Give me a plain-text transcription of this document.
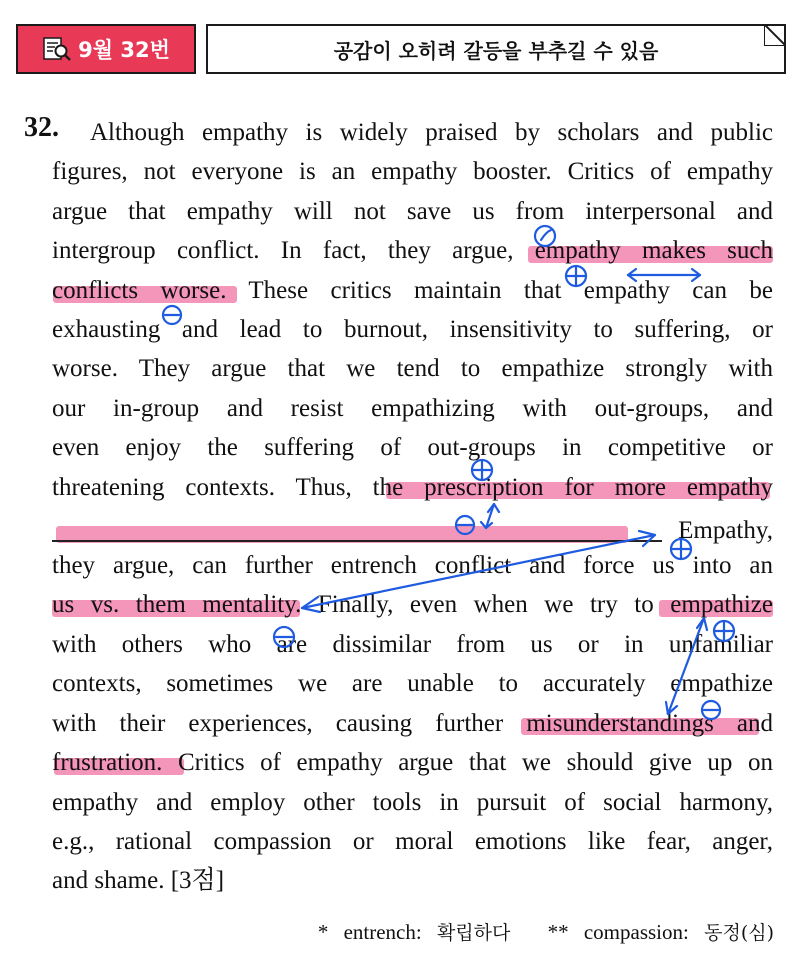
9월 32번	공감이 오히려 갈등을 부추길 수 있음
32. Although empathy is widely praised by scholars and public
figures, not everyone is an empathy booster. Critics of empathy
argue that empathy will not save us from interpersonal and
intergroup conflict. In fact, they argue, empathy makes such
conflicts worse. These critics maintain that empathy can be
exhausting and lead to burnout, insensitivity to suffering, or
worse. They argue that we tend to empathize strongly with
our in-group and resist empathizing with out-groups, and
even enjoy the suffering of out-groups in competitive or
threatening contexts. Thus, the prescription for more empathy
Empathy,
they argue, can further entrench conflict and force us into an
us vs. them mentality. Finally, even when we try to empathize
with others who are dissimilar from us or in unfamiliar
contexts, sometimes we are unable to accurately empathize
with their experiences, causing further misunderstandings and
frustration. Critics of empathy argue that we should give up on
empathy and employ other tools in pursuit of social harmony,
e.g., rational compassion or moral emotions like fear, anger,
and shame. [3점]
* entrench: 확립하다 ** compassion: 동정(심)
